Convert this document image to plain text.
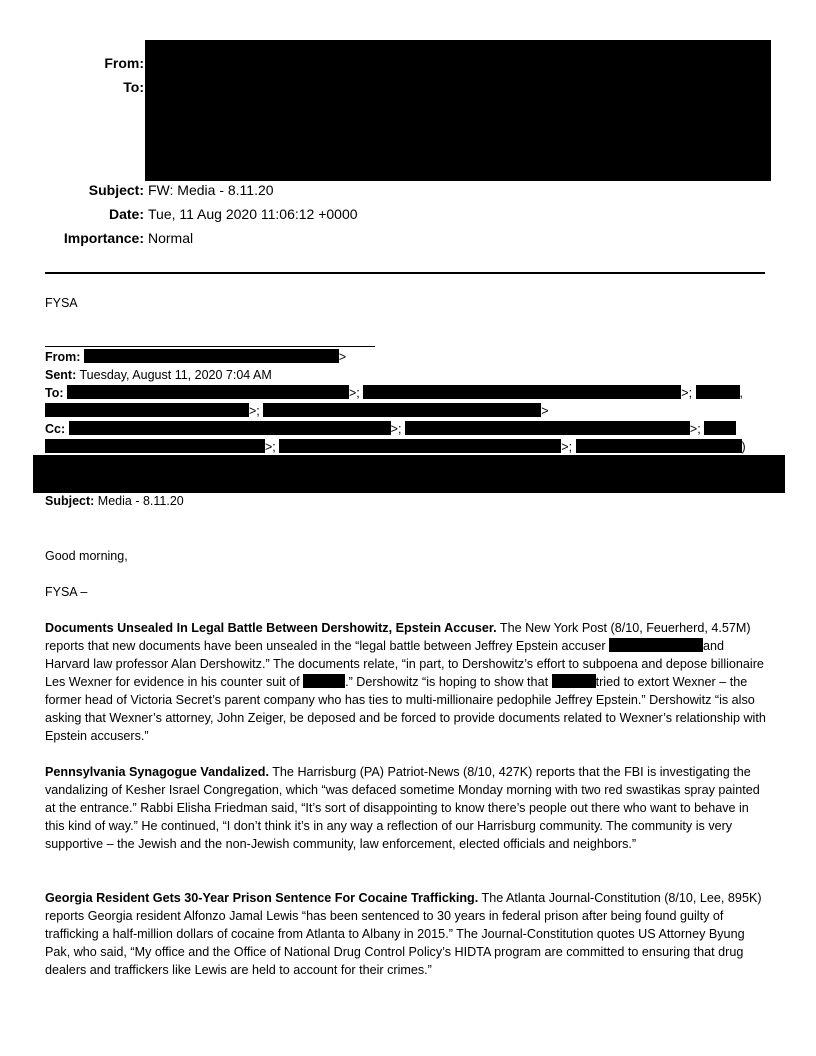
From:
To:
Subject: FW: Media - 8.11.20
Date: Tue, 11 Aug 2020 11:06:12 +0000
Importance: Normal
FYSA
From:	>
Sent: Tuesday, August 11, 2020 7:04 AM
To:	>;	>;	,
>;	>
Cc:	>;	>;
>;	>;	)
Subject: Media - 8.11.20
Good morning,
FYSA –
Documents Unsealed In Legal Battle Between Dershowitz, Epstein Accuser. The New York Post (8/10, Feuerherd, 4.57M) reports that new documents have been unsealed in the “legal battle between Jeffrey Epstein accuser	and Harvard law professor Alan Dershowitz.” The documents relate, “in part, to Dershowitz’s effort to subpoena and depose billionaire Les Wexner for evidence in his counter suit of	.” Dershowitz “is hoping to show that	tried to extort Wexner – the former head of Victoria Secret’s parent company who has ties to multi-millionaire pedophile Jeffrey Epstein.” Dershowitz “is also asking that Wexner’s attorney, John Zeiger, be deposed and be forced to provide documents related to Wexner’s relationship with Epstein accusers.”
Pennsylvania Synagogue Vandalized. The Harrisburg (PA) Patriot-News (8/10, 427K) reports that the FBI is investigating the vandalizing of Kesher Israel Congregation, which “was defaced sometime Monday morning with two red swastikas spray painted at the entrance.” Rabbi Elisha Friedman said, “It’s sort of disappointing to know there’s people out there who want to behave in this kind of way.” He continued, “I don’t think it’s in any way a reflection of our Harrisburg community. The community is very supportive – the Jewish and the non-Jewish community, law enforcement, elected officials and neighbors.”
Georgia Resident Gets 30-Year Prison Sentence For Cocaine Trafficking. The Atlanta Journal-Constitution (8/10, Lee, 895K) reports Georgia resident Alfonzo Jamal Lewis “has been sentenced to 30 years in federal prison after being found guilty of trafficking a half-million dollars of cocaine from Atlanta to Albany in 2015.” The Journal-Constitution quotes US Attorney Byung Pak, who said, “My office and the Office of National Drug Control Policy’s HIDTA program are committed to ensuring that drug dealers and traffickers like Lewis are held to account for their crimes.”
